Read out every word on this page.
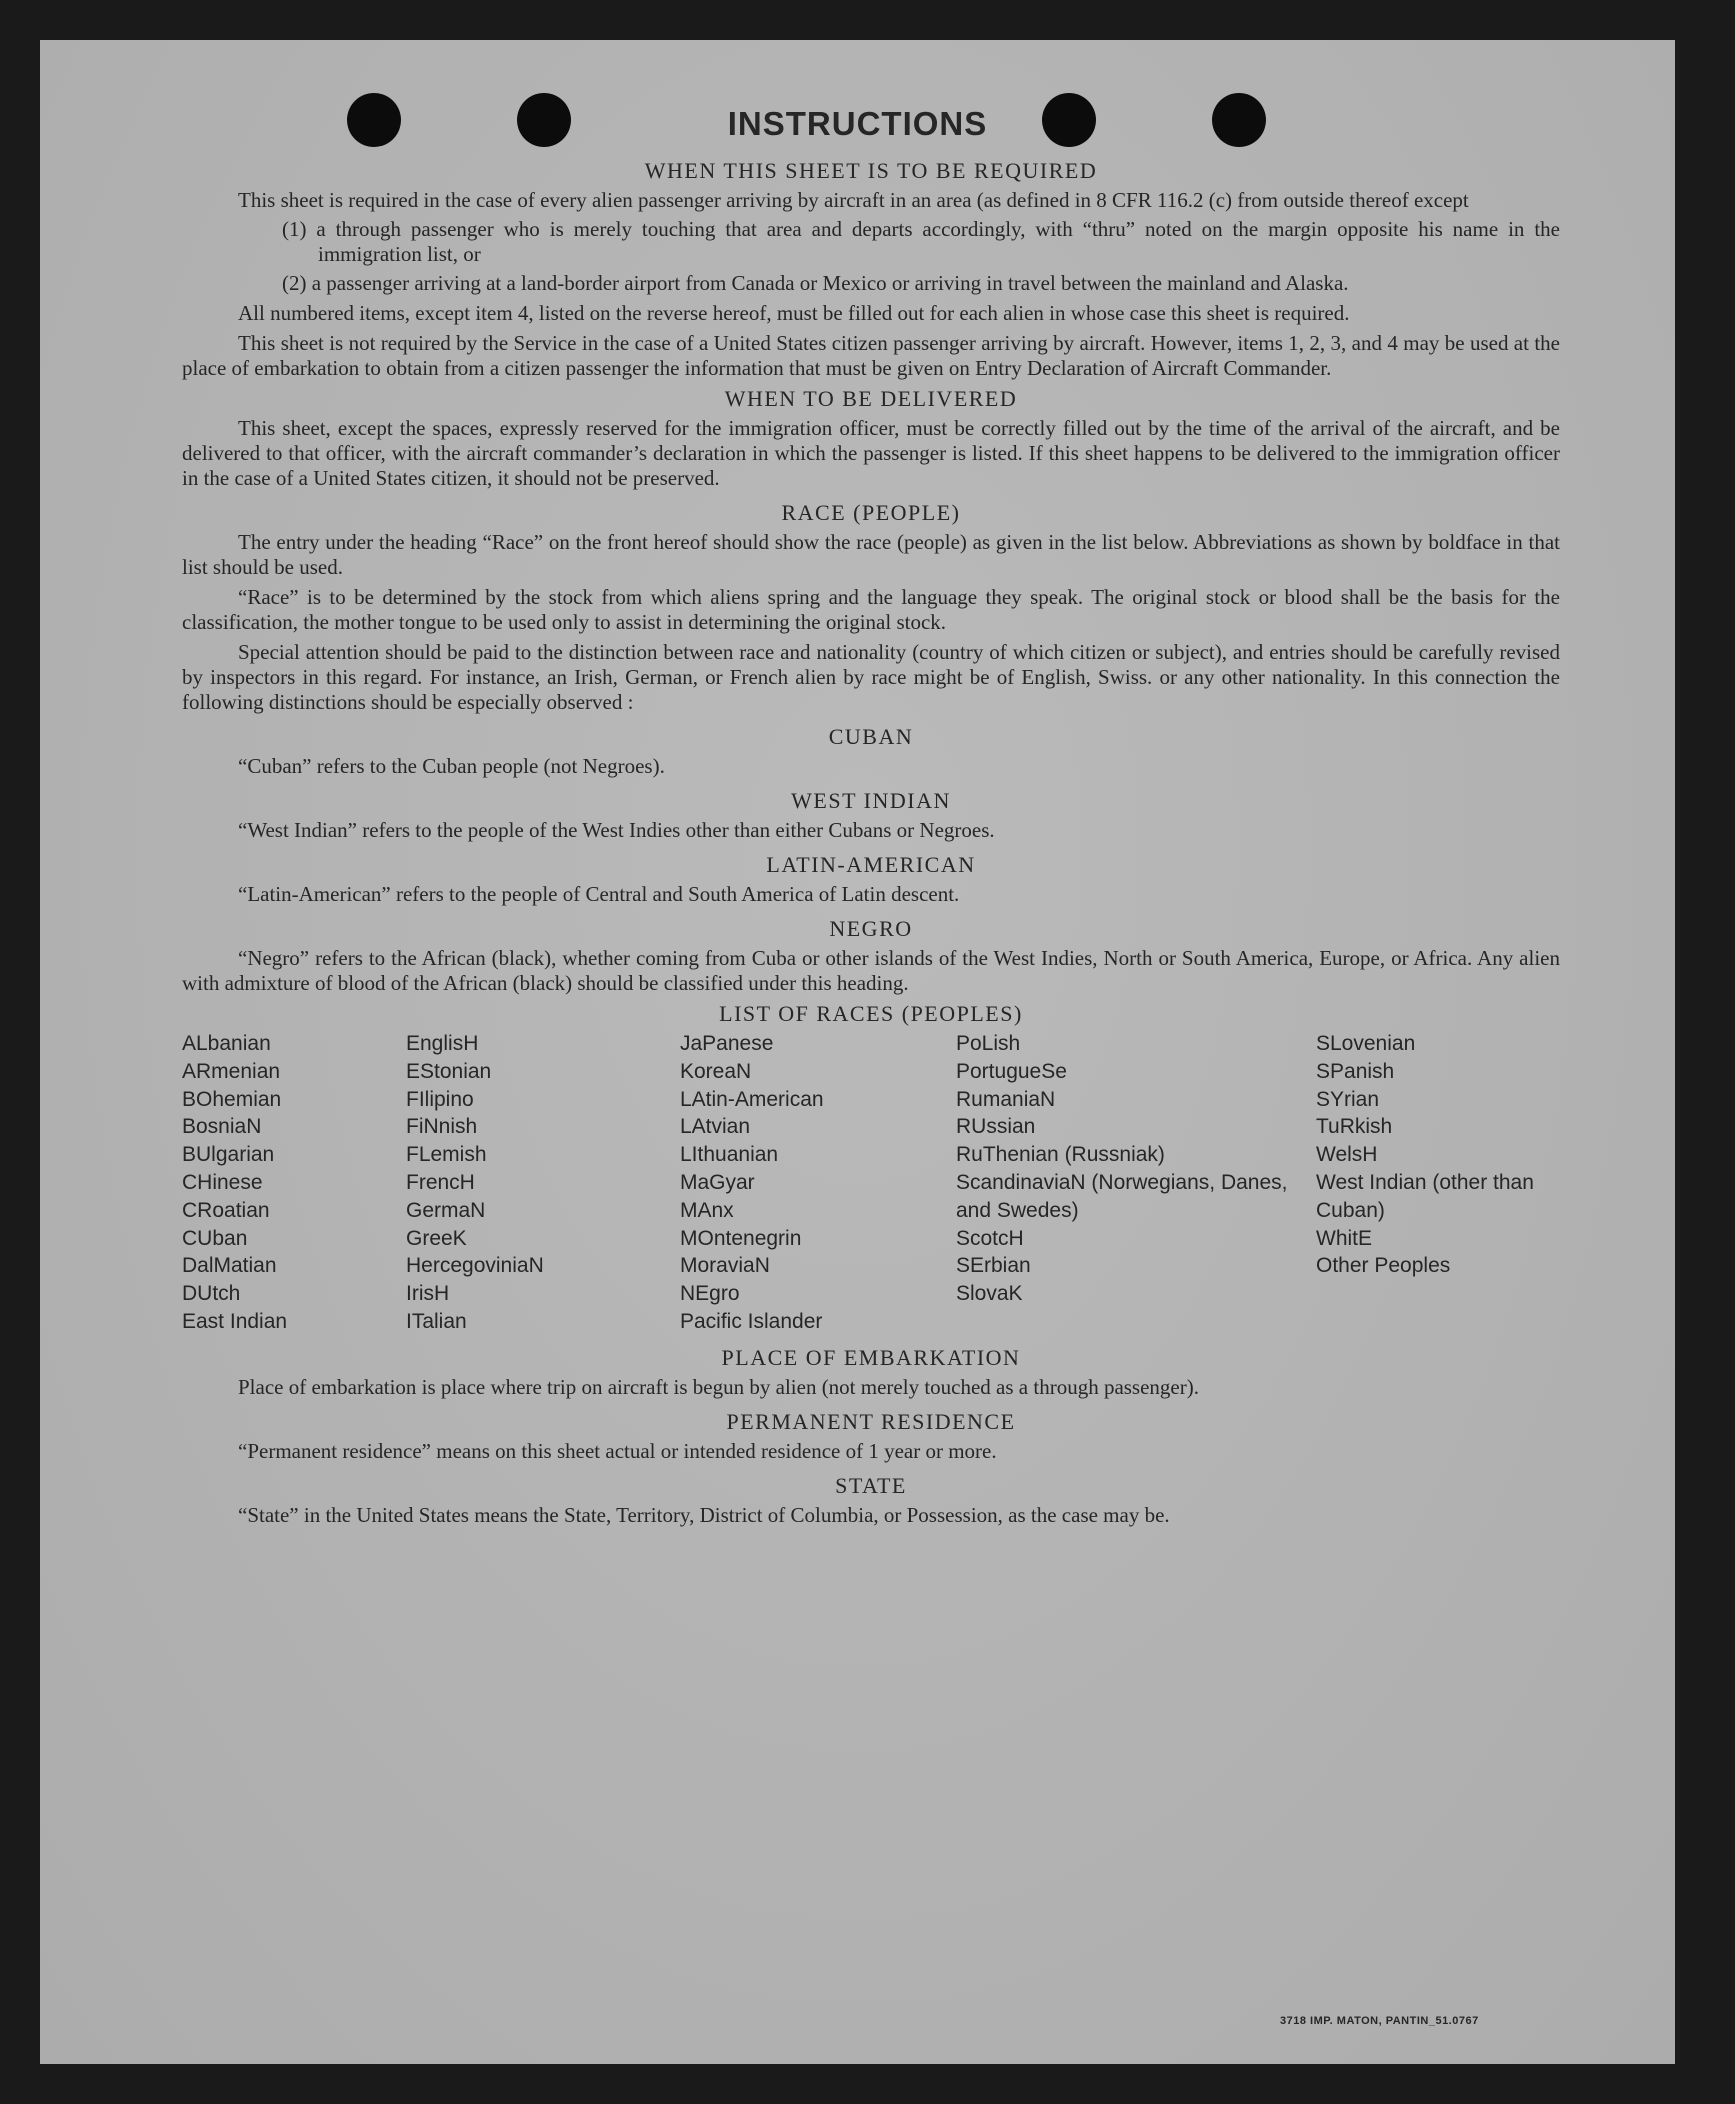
INSTRUCTIONS
WHEN THIS SHEET IS TO BE REQUIRED

This sheet is required in the case of every alien passenger arriving by aircraft in an area (as defined in 8 CFR 116.2 (c) from outside thereof except

(1) a through passenger who is merely touching that area and departs accordingly, with “thru” noted on the margin opposite his name in the immigration list, or

(2) a passenger arriving at a land-border airport from Canada or Mexico or arriving in travel between the mainland and Alaska.

All numbered items, except item 4, listed on the reverse hereof, must be filled out for each alien in whose case this sheet is required.

This sheet is not required by the Service in the case of a United States citizen passenger arriving by aircraft. However, items 1, 2, 3, and 4 may be used at the place of embarkation to obtain from a citizen passenger the information that must be given on Entry Declaration of Aircraft Commander.

WHEN TO BE DELIVERED

This sheet, except the spaces, expressly reserved for the immigration officer, must be correctly filled out by the time of the arrival of the aircraft, and be delivered to that officer, with the aircraft commander’s declaration in which the passenger is listed. If this sheet happens to be delivered to the immigration officer in the case of a United States citizen, it should not be preserved.

RACE (PEOPLE)

The entry under the heading “Race” on the front hereof should show the race (people) as given in the list below. Abbreviations as shown by boldface in that list should be used.

“Race” is to be determined by the stock from which aliens spring and the language they speak. The original stock or blood shall be the basis for the classification, the mother tongue to be used only to assist in determining the original stock.

Special attention should be paid to the distinction between race and nationality (country of which citizen or subject), and entries should be carefully revised by inspectors in this regard. For instance, an Irish, German, or French alien by race might be of English, Swiss. or any other nationality. In this connection the following distinctions should be especially observed :

CUBAN

“Cuban” refers to the Cuban people (not Negroes).

WEST INDIAN

“West Indian” refers to the people of the West Indies other than either Cubans or Negroes.

LATIN-AMERICAN

“Latin-American” refers to the people of Central and South America of Latin descent.

NEGRO

“Negro” refers to the African (black), whether coming from Cuba or other islands of the West Indies, North or South America, Europe, or Africa. Any alien with admixture of blood of the African (black) should be classified under this heading.

LIST OF RACES (PEOPLES)
ALbanian
ARmenian
BOhemian
BosniaN
BUlgarian
CHinese
CRoatian
CUban
DalMatian
DUtch
East Indian
EnglisH
EStonian
FIlipino
FiNnish
FLemish
FrencH
GermaN
GreeK
HercegoviniaN
IrisH
ITalian
JaPanese
KoreaN
LAtin-American
LAtvian
LIthuanian
MaGyar
MAnx
MOntenegrin
MoraviaN
NEgro
Pacific Islander
PoLish
PortugueSe
RumaniaN
RUssian
RuThenian (Russniak)
ScandinaviaN (Norwegians, Danes, and Swedes)
ScotcH
SErbian
SlovaK
SLovenian
SPanish
SYrian
TuRkish
WelsH
West Indian (other than Cuban)
WhitE
Other Peoples
PLACE OF EMBARKATION

Place of embarkation is place where trip on aircraft is begun by alien (not merely touched as a through passenger).

PERMANENT RESIDENCE

“Permanent residence” means on this sheet actual or intended residence of 1 year or more.

STATE

“State” in the United States means the State, Territory, District of Columbia, or Possession, as the case may be.

3718 IMP. MATON, PANTIN_51.0767
